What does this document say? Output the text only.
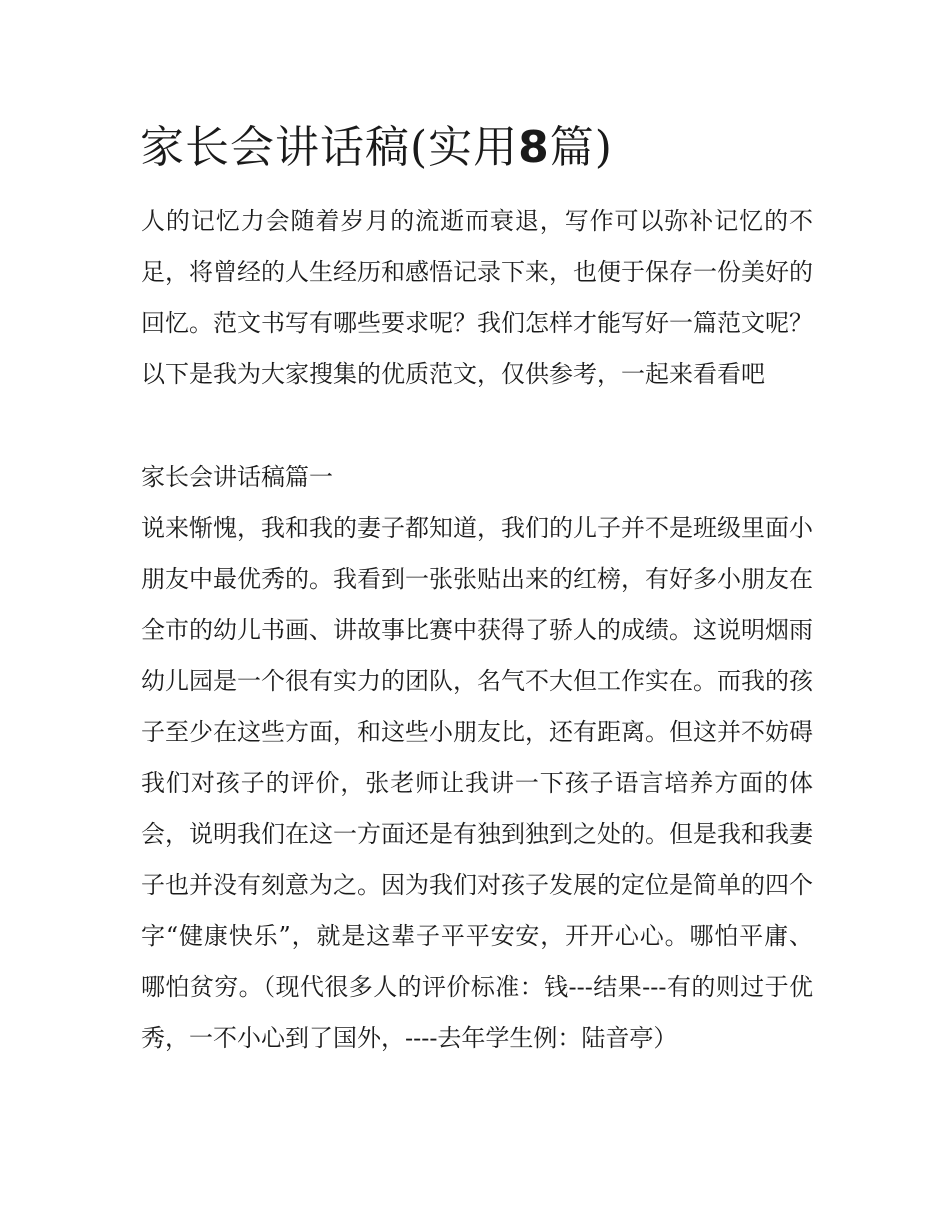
家长会讲话稿(实用8篇)

人的记忆力会随着岁月的流逝而衰退，写作可以弥补记忆的不足，将曾经的人生经历和感悟记录下来，也便于保存一份美好的回忆。范文书写有哪些要求呢？我们怎样才能写好一篇范文呢？以下是我为大家搜集的优质范文，仅供参考，一起来看看吧

家长会讲话稿篇一

说来惭愧，我和我的妻子都知道，我们的儿子并不是班级里面小朋友中最优秀的。我看到一张张贴出来的红榜，有好多小朋友在全市的幼儿书画、讲故事比赛中获得了骄人的成绩。这说明烟雨幼儿园是一个很有实力的团队，名气不大但工作实在。而我的孩子至少在这些方面，和这些小朋友比，还有距离。但这并不妨碍我们对孩子的评价，张老师让我讲一下孩子语言培养方面的体会，说明我们在这一方面还是有独到独到之处的。但是我和我妻子也并没有刻意为之。因为我们对孩子发展的定位是简单的四个字“健康快乐”，就是这辈子平平安安，开开心心。哪怕平庸、哪怕贫穷。（现代很多人的评价标准：钱---结果---有的则过于优秀，一不小心到了国外，----去年学生例：陆音亭）
